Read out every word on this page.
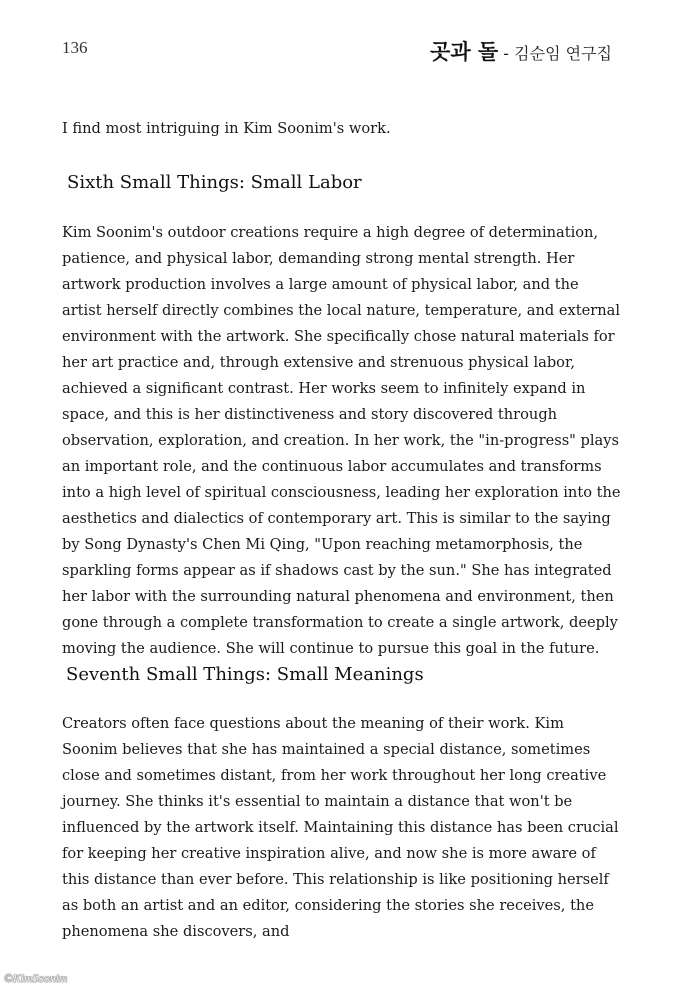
136	곳과 돌 - 김순임 연구집

I find most intriguing in Kim Soonim's work.

Sixth Small Things: Small Labor

Kim Soonim's outdoor creations require a high degree of determination, patience, and physical labor, demanding strong mental strength. Her artwork production involves a large amount of physical labor, and the artist herself directly combines the local nature, temperature, and external environment with the artwork. She specifically chose natural materials for her art practice and, through extensive and strenuous physical labor, achieved a significant contrast. Her works seem to infinitely expand in space, and this is her distinctiveness and story discovered through observation, exploration, and creation. In her work, the "in-progress" plays an important role, and the continuous labor accumulates and transforms into a high level of spiritual consciousness, leading her exploration into the aesthetics and dialectics of contemporary art. This is similar to the saying by Song Dynasty's Chen Mi Qing, "Upon reaching metamorphosis, the sparkling forms appear as if shadows cast by the sun." She has integrated her labor with the surrounding natural phenomena and environment, then gone through a complete transformation to create a single artwork, deeply moving the audience. She will continue to pursue this goal in the future.

Seventh Small Things: Small Meanings

Creators often face questions about the meaning of their work. Kim Soonim believes that she has maintained a special distance, sometimes close and sometimes distant, from her work throughout her long creative journey. She thinks it's essential to maintain a distance that won't be influenced by the artwork itself. Maintaining this distance has been crucial for keeping her creative inspiration alive, and now she is more aware of this distance than ever before. This relationship is like positioning herself as both an artist and an editor, considering the stories she receives, the phenomena she discovers, and

©KimSoonim
